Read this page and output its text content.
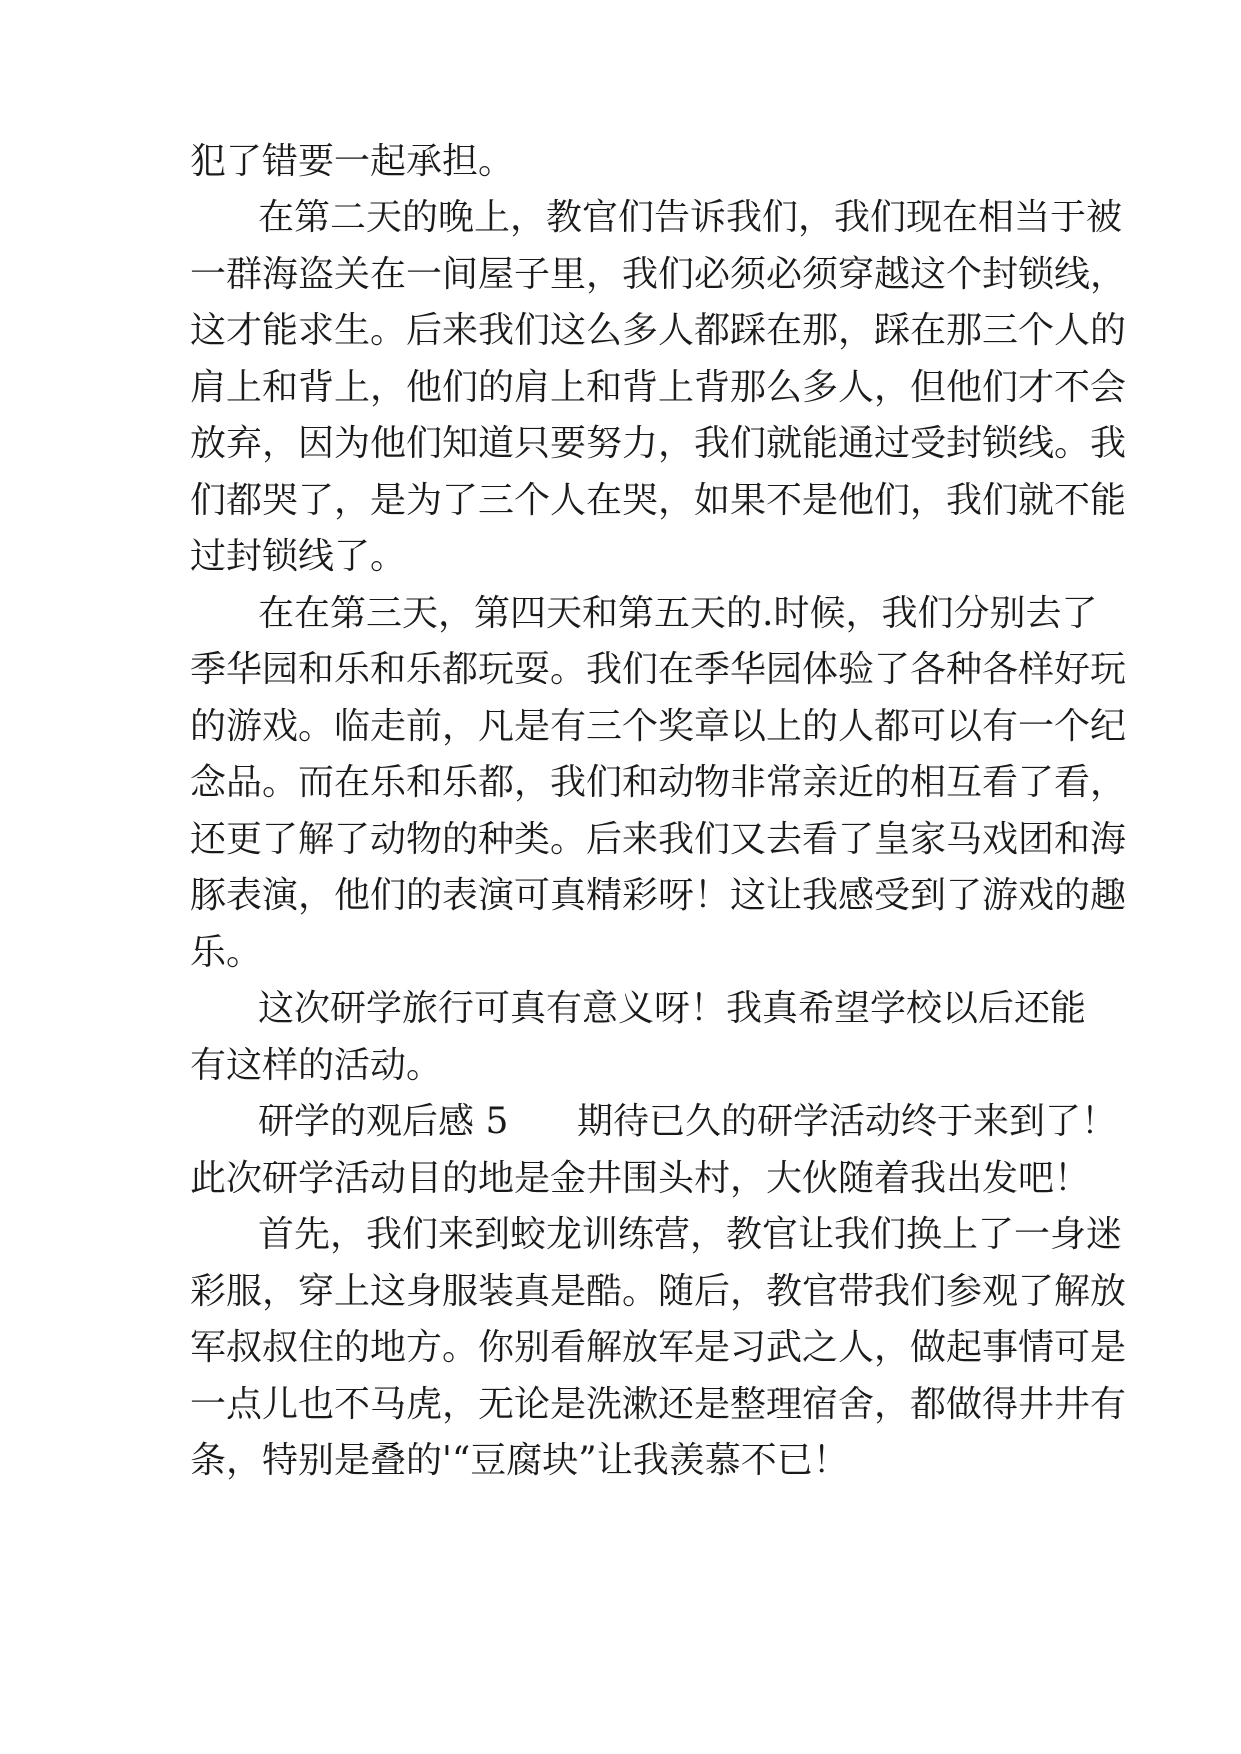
犯了错要一起承担。
在第二天的晚上，教官们告诉我们，我们现在相当于被
一群海盗关在一间屋子里，我们必须必须穿越这个封锁线，
这才能求生。后来我们这么多人都踩在那，踩在那三个人的
肩上和背上，他们的肩上和背上背那么多人，但他们才不会
放弃，因为他们知道只要努力，我们就能通过受封锁线。我
们都哭了，是为了三个人在哭，如果不是他们，我们就不能
过封锁线了。
在在第三天，第四天和第五天的.时候，我们分别去了
季华园和乐和乐都玩耍。我们在季华园体验了各种各样好玩
的游戏。临走前，凡是有三个奖章以上的人都可以有一个纪
念品。而在乐和乐都，我们和动物非常亲近的相互看了看，
还更了解了动物的种类。后来我们又去看了皇家马戏团和海
豚表演，他们的表演可真精彩呀！这让我感受到了游戏的趣
乐。
这次研学旅行可真有意义呀！我真希望学校以后还能
有这样的活动。
研学的观后感 5      期待已久的研学活动终于来到了！
此次研学活动目的地是金井围头村，大伙随着我出发吧！
首先，我们来到蛟龙训练营，教官让我们换上了一身迷
彩服，穿上这身服装真是酷。随后，教官带我们参观了解放
军叔叔住的地方。你别看解放军是习武之人，做起事情可是
一点儿也不马虎，无论是洗漱还是整理宿舍，都做得井井有
条，特别是叠的'“豆腐块”让我羡慕不已！
